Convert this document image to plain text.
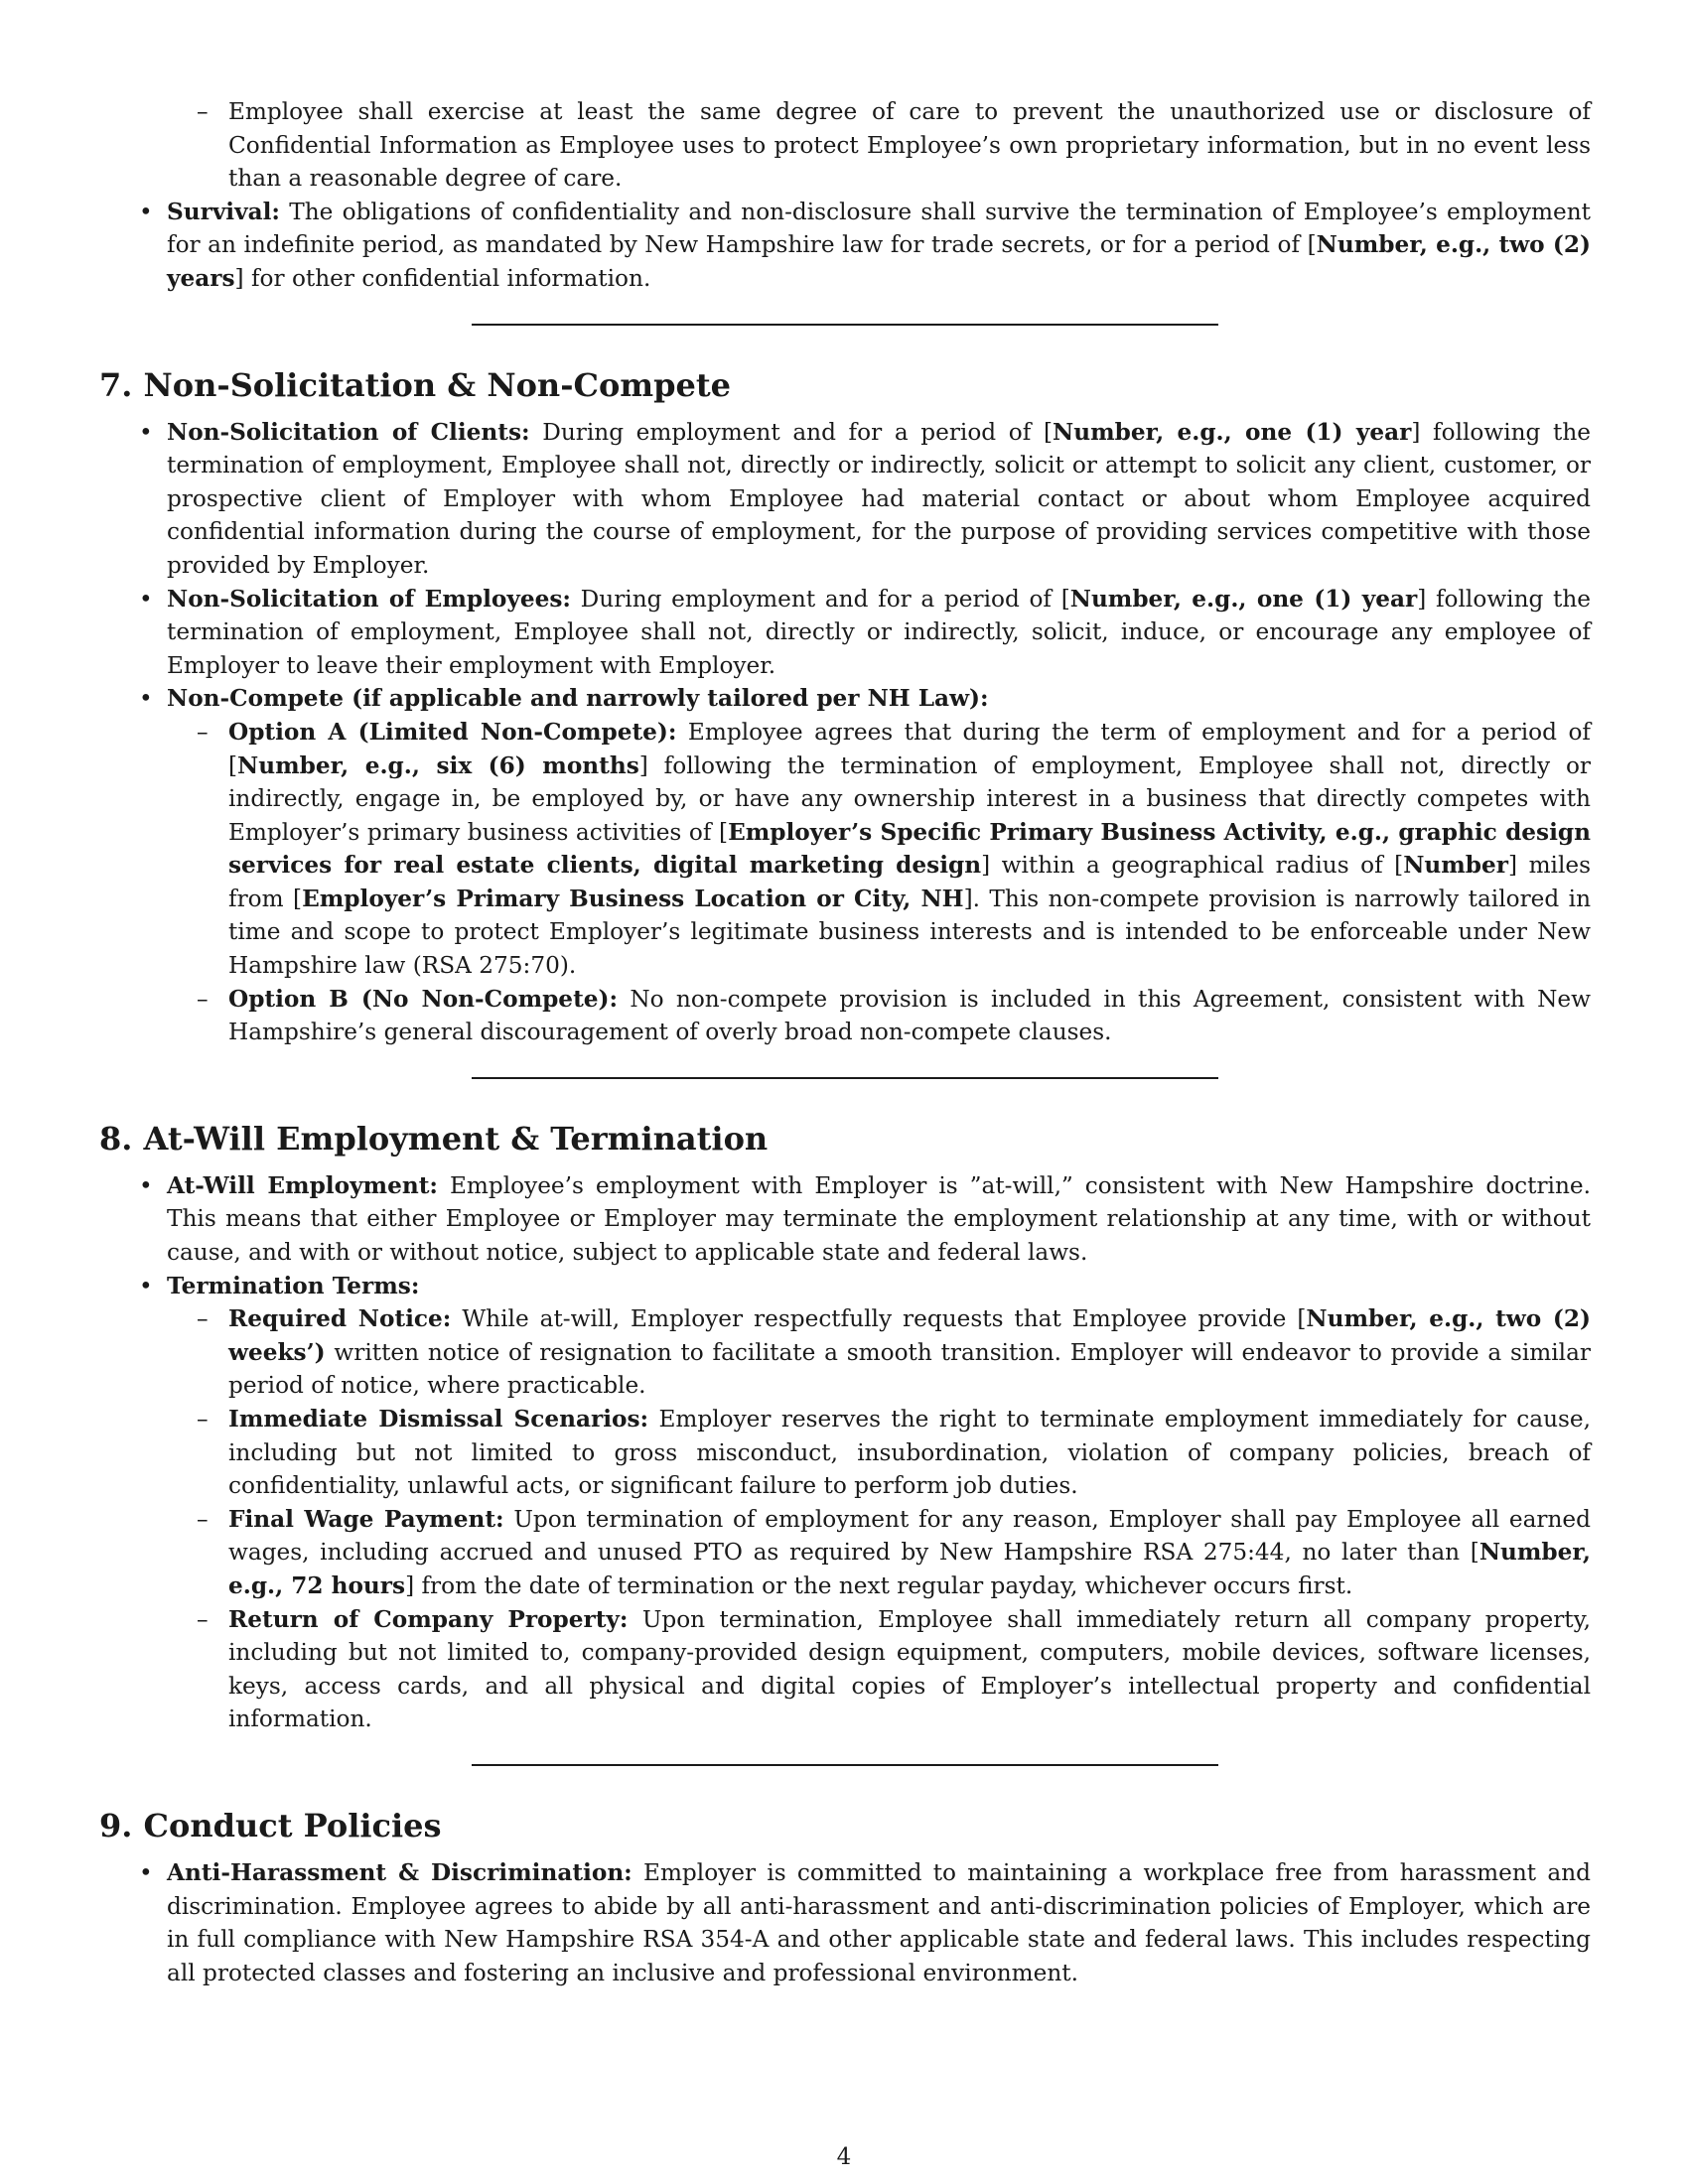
– Employee shall exercise at least the same degree of care to prevent the unauthorized use or disclosure of Confidential Information as Employee uses to protect Employee’s own proprietary information, but in no event less than a reasonable degree of care.
• Survival: The obligations of confidentiality and non-disclosure shall survive the termination of Employee’s employment for an indefinite period, as mandated by New Hampshire law for trade secrets, or for a period of [Number, e.g., two (2) years] for other confidential information.
7. Non-Solicitation & Non-Compete
• Non-Solicitation of Clients: During employment and for a period of [Number, e.g., one (1) year] following the termination of employment, Employee shall not, directly or indirectly, solicit or attempt to solicit any client, customer, or prospective client of Employer with whom Employee had material contact or about whom Employee acquired confidential information during the course of employment, for the purpose of providing services competitive with those provided by Employer.
• Non-Solicitation of Employees: During employment and for a period of [Number, e.g., one (1) year] following the termination of employment, Employee shall not, directly or indirectly, solicit, induce, or encourage any employee of Employer to leave their employment with Employer.
• Non-Compete (if applicable and narrowly tailored per NH Law):
– Option A (Limited Non-Compete): Employee agrees that during the term of employment and for a period of [Number, e.g., six (6) months] following the termination of employment, Employee shall not, directly or indirectly, engage in, be employed by, or have any ownership interest in a business that directly competes with Employer’s primary business activities of [Employer’s Specific Primary Business Activity, e.g., graphic design services for real estate clients, digital marketing design] within a geographical radius of [Number] miles from [Employer’s Primary Business Location or City, NH]. This non-compete provision is narrowly tailored in time and scope to protect Employer’s legitimate business interests and is intended to be enforceable under New Hampshire law (RSA 275:70).
– Option B (No Non-Compete): No non-compete provision is included in this Agreement, consistent with New Hampshire’s general discouragement of overly broad non-compete clauses.
8. At-Will Employment & Termination
• At-Will Employment: Employee’s employment with Employer is ”at-will,” consistent with New Hampshire doctrine. This means that either Employee or Employer may terminate the employment relationship at any time, with or without cause, and with or without notice, subject to applicable state and federal laws.
• Termination Terms:
– Required Notice: While at-will, Employer respectfully requests that Employee provide [Number, e.g., two (2) weeks’) written notice of resignation to facilitate a smooth transition. Employer will endeavor to provide a similar period of notice, where practicable.
– Immediate Dismissal Scenarios: Employer reserves the right to terminate employment immediately for cause, including but not limited to gross misconduct, insubordination, violation of company policies, breach of confidentiality, unlawful acts, or significant failure to perform job duties.
– Final Wage Payment: Upon termination of employment for any reason, Employer shall pay Employee all earned wages, including accrued and unused PTO as required by New Hampshire RSA 275:44, no later than [Number, e.g., 72 hours] from the date of termination or the next regular payday, whichever occurs first.
– Return of Company Property: Upon termination, Employee shall immediately return all company property, including but not limited to, company-provided design equipment, computers, mobile devices, software licenses, keys, access cards, and all physical and digital copies of Employer’s intellectual property and confidential information.
9. Conduct Policies
• Anti-Harassment & Discrimination: Employer is committed to maintaining a workplace free from harassment and discrimination. Employee agrees to abide by all anti-harassment and anti-discrimination policies of Employer, which are in full compliance with New Hampshire RSA 354-A and other applicable state and federal laws. This includes respecting all protected classes and fostering an inclusive and professional environment.
4
